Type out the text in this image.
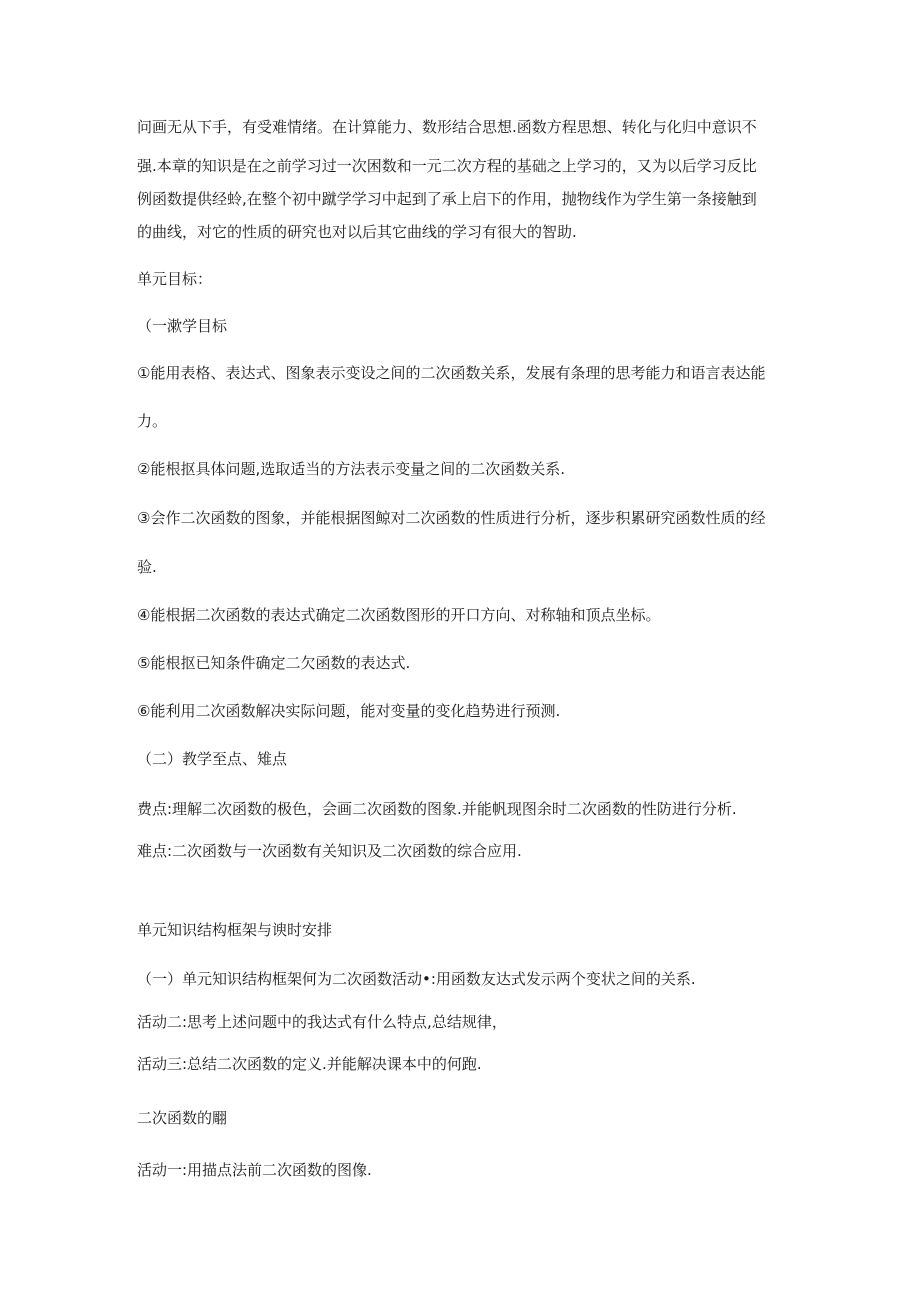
问画无从下手，有受难情绪。在计算能力、数形结合思想.函数方程思想、转化与化归中意识不
强.本章的知识是在之前学习过一次困数和一元二次方程的基础之上学习的，又为以后学习反比
例函数提供经蛉,在整个初中蹴学学习中起到了承上启下的作用，抛物线作为学生第一条接触到
的曲线，对它的性质的研究也对以后其它曲线的学习有很大的智助.
单元目标：
（一漱学目标
①能用表格、表达式、图象表示变设之间的二次函数关系，发展有条理的思考能力和语言表达能
力。
②能根抠具体问题,选取适当的方法表示变量之间的二次函数关系.
③会作二次函数的图象，并能根据图鲸对二次函数的性质进行分析，逐步积累研究函数性质的经
验.
④能根据二次函数的表达式确定二次函数图形的开口方向、对称轴和顶点坐标。
⑤能根抠已知条件确定二欠函数的表达式.
⑥能利用二次函数解决实际问题，能对变量的变化趋势进行预测.
（二）教学至点、雉点
费点:理解二次函数的极色，会画二次函数的图象.并能帆现图余时二次函数的性防进行分析.
难点:二次函数与一次函数有关知识及二次函数的综合应用.
单元知识结构框架与谀时安排
（一）单元知识结构框架何为二次函数活动•:用函数友达式发示两个变状之间的关系.
活动二:思考上述问题中的我达式有什么特点,总结规律，
活动三:总结二次函数的定义.并能解决课本中的何跑.
二次函数的翢
活动一:用描点法前二次函数的图像.
